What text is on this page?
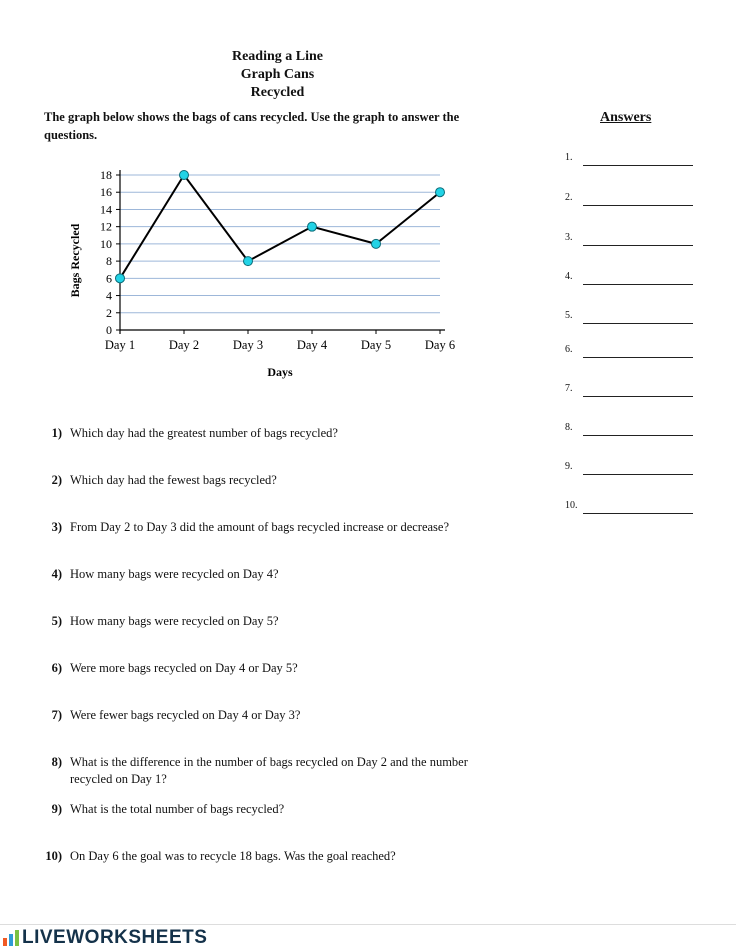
Reading a Line
Graph Cans
Recycled
The graph below shows the bags of cans recycled. Use the graph to answer the questions.
Answers
1.
2.
3.
4.
5.
6.
7.
8.
9.
10.
0
2
4
6
8
10
12
14
16
18
Day 1	Day 2	Day 3	Day 4	Day 5	Day 6
Days
Bags Recycled
1) Which day had the greatest number of bags recycled?
2) Which day had the fewest bags recycled?
3) From Day 2 to Day 3 did the amount of bags recycled increase or decrease?
4) How many bags were recycled on Day 4?
5) How many bags were recycled on Day 5?
6) Were more bags recycled on Day 4 or Day 5?
7) Were fewer bags recycled on Day 4 or Day 3?
8) What is the difference in the number of bags recycled on Day 2 and the number recycled on Day 1?
9) What is the total number of bags recycled?
10) On Day 6 the goal was to recycle 18 bags. Was the goal reached?
LIVEWORKSHEETS
